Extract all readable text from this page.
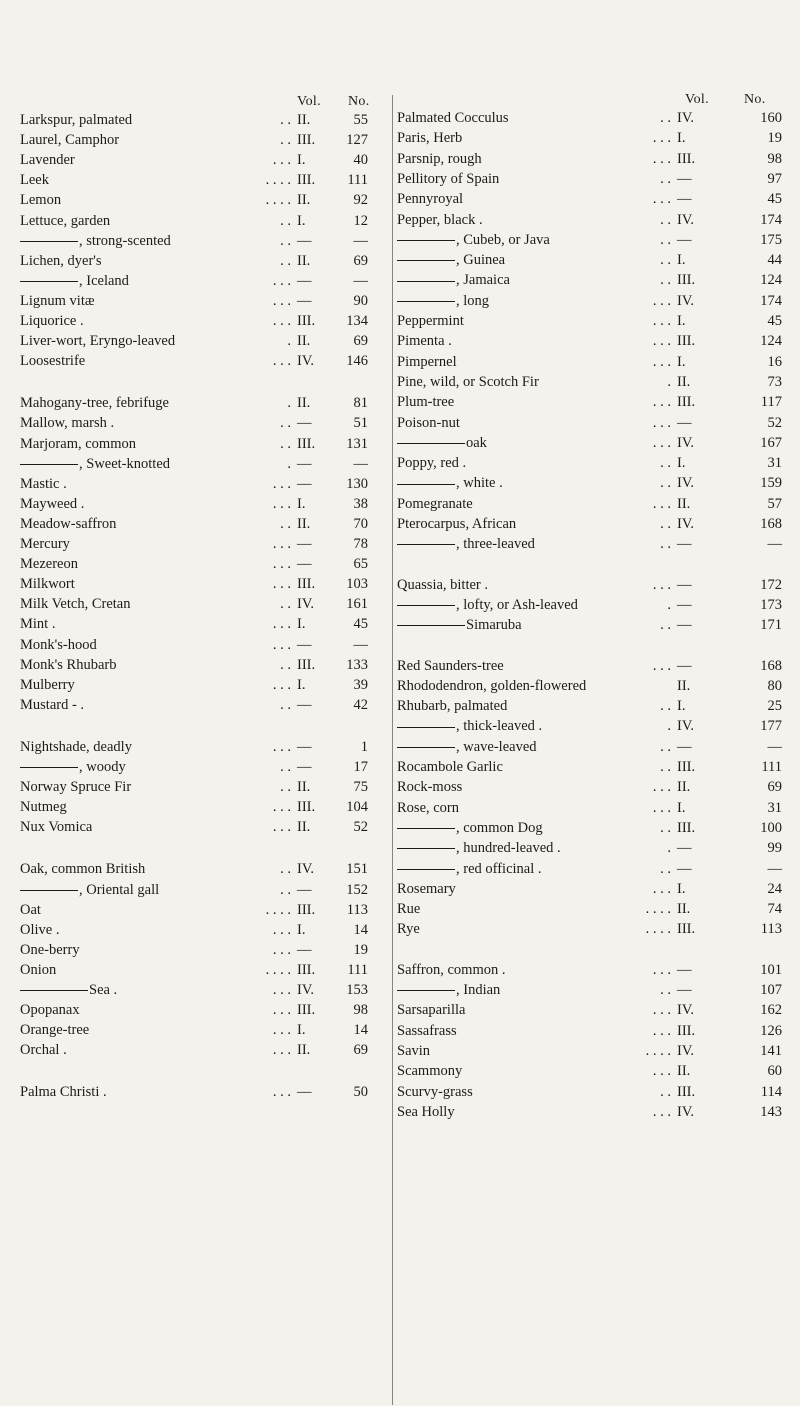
Vol. No.
Larkspur, palmated	. . II.	55
Laurel, Camphor	. . III. 127
Lavender	. . . I.	40
Leek	. . . . III. 111
Lemon	. . . . II.	92
Lettuce, garden	. . I.	12
, strong-scented	. . —	—
Lichen, dyer's	. . II.	69
, Iceland	. . . —	—
Lignum vitæ	. . . —	90
Liquorice .	. . . III. 134
Liver-wort, Eryngo-leaved	. II.	69
Loosestrife	. . . IV. 146
Mahogany-tree, febrifuge	. II.	81
Mallow, marsh .	. . —	51
Marjoram, common	. . III. 131
, Sweet-knotted	. —	—
Mastic .	. . . — 130
Mayweed .	. . . I.	38
Meadow-saffron	. . II.	70
Mercury	. . . —	78
Mezereon	. . . —	65
Milkwort	. . . III. 103
Milk Vetch, Cretan	. . IV. 161
Mint .	. . . I.	45
Monk's-hood	. . . —	—
Monk's Rhubarb	. . III. 133
Mulberry	. . . I.	39
Mustard - .	. . —	42
Nightshade, deadly	. . . —	1
, woody	. . —	17
Norway Spruce Fir	. . II.	75
Nutmeg	. . . III. 104
Nux Vomica	. . . II.	52
Oak, common British	. . IV. 151
, Oriental gall	. . — 152
Oat	. . . . III. 113
Olive .	. . . I.	14
One-berry	. . . —	19
Onion	. . . . III. 111
Sea .	. . . IV. 153
Opopanax	. . . III.	98
Orange-tree	. . . I.	14
Orchal .	. . . II.	69
Palma Christi .	. . . —	50
Vol.	No.
Palmated Cocculus	. . IV.	160
Paris, Herb	. . . I.	19
Parsnip, rough	. . . III.	98
Pellitory of Spain	. . —	97
Pennyroyal	. . . —	45
Pepper, black .	. . IV.	174
, Cubeb, or Java	. . —	175
, Guinea	. . I.	44
, Jamaica	. . III.	124
, long	. . . IV.	174
Peppermint	. . . I.	45
Pimenta .	. . . III.	124
Pimpernel	. . . I.	16
Pine, wild, or Scotch Fir	. II.	73
Plum-tree	. . . III.	117
Poison-nut	. . . —	52
oak	. . . IV.	167
Poppy, red .	. . I.	31
, white .	. . IV.	159
Pomegranate	. . . II.	57
Pterocarpus, African	. . IV.	168
, three-leaved	. . —	—
Quassia, bitter .	. . . —	172
, lofty, or Ash-leaved	. —	173
Simaruba	. . —	171
Red Saunders-tree	. . . —	168
Rhododendron, golden-flowered	II.	80
Rhubarb, palmated	. . I.	25
, thick-leaved .	. IV.	177
, wave-leaved	. . —	—
Rocambole Garlic	. . III.	111
Rock-moss	. . . II.	69
Rose, corn	. . . I.	31
, common Dog	. . III.	100
, hundred-leaved .	. —	99
, red officinal .	. . —	—
Rosemary	. . . I.	24
Rue	. . . . II.	74
Rye	. . . . III.	113
Saffron, common .	. . . —	101
, Indian	. . —	107
Sarsaparilla	. . . IV.	162
Sassafrass	. . . III.	126
Savin	. . . . IV.	141
Scammony	. . . II.	60
Scurvy-grass	. . III.	114
Sea Holly	. . . IV.	143
